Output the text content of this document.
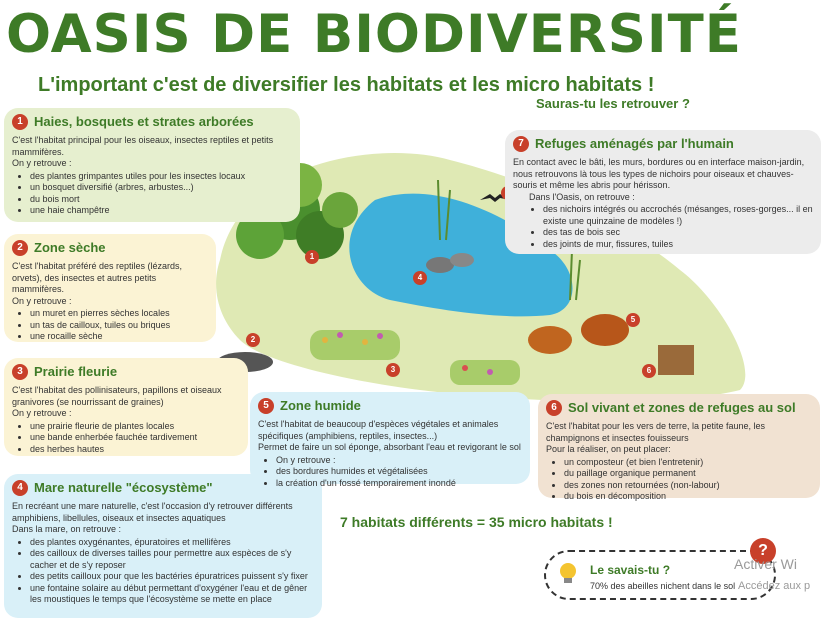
OASIS DE BIODIVERSITÉ
L'important c'est de diversifier les habitats et les micro habitats !
Sauras-tu les retrouver ?
1
2
3
4
5
6
1 Haies, bosquets et strates arborées

C'est l'habitat principal pour les oiseaux, insectes reptiles et petits mammifères.

On y retrouve :

• des plantes grimpantes utiles pour les insectes locaux
• un bosquet diversifié (arbres, arbustes...)
• du bois mort
• une haie champêtre
2 Zone sèche

C'est l'habitat préféré des reptiles (lézards, orvets), des insectes et autres petits mammifères.

On y retrouve :

• un muret en pierres sèches locales
• un tas de cailloux, tuiles ou briques
• une rocaille sèche
3 Prairie fleurie

C'est l'habitat des pollinisateurs, papillons et oiseaux granivores (se nourrissant de graines)

On y retrouve :

• une prairie fleurie de plantes locales
• une bande enherbée fauchée tardivement
• des herbes hautes
4 Mare naturelle "écosystème"

En recréant une mare naturelle, c'est l'occasion d'y retrouver différents amphibiens, libellules, oiseaux et insectes aquatiques

Dans la mare, on retrouve :

• des plantes oxygénantes, épuratoires et mellifères
• des cailloux de diverses tailles pour permettre aux espèces de s'y cacher et de s'y reposer
• des petits cailloux pour que les bactéries épuratrices puissent s'y fixer
• une fontaine solaire au début permettant d'oxygéner l'eau et de gêner les moustiques le temps que l'écosystème se mette en place
5 Zone humide

C'est l'habitat de beaucoup d'espèces végétales et animales spécifiques (amphibiens, reptiles, insectes...)

Permet de faire un sol éponge, absorbant l'eau et revigorant le sol

• On y retrouve :
• des bordures humides et végétalisées
• la création d'un fossé temporairement inondé
6 Sol vivant et zones de refuges au sol

C'est l'habitat pour les vers de terre, la petite faune, les champignons et insectes fouisseurs

Pour la réaliser, on peut placer:

• un composteur (et bien l'entretenir)
• du paillage organique permanent
• des zones non retournées (non-labour)
• du bois en décomposition
7 Refuges aménagés par l'humain

En contact avec le bâti, les murs, bordures ou en interface maison-jardin, nous retrouvons là tous les types de nichoirs pour oiseaux et chauves-souris et même les abris pour hérisson.

Dans l'Oasis, on retrouve :

• des nichoirs intégrés ou accrochés (mésanges, roses-gorges... il en existe une quinzaine de modèles !)
• des tas de bois sec
• des joints de mur, fissures, tuiles
7 habitats différents = 35 micro habitats !
Le savais-tu ?
70% des abeilles nichent dans le sol
?
Activer Wi
Accédez aux p
